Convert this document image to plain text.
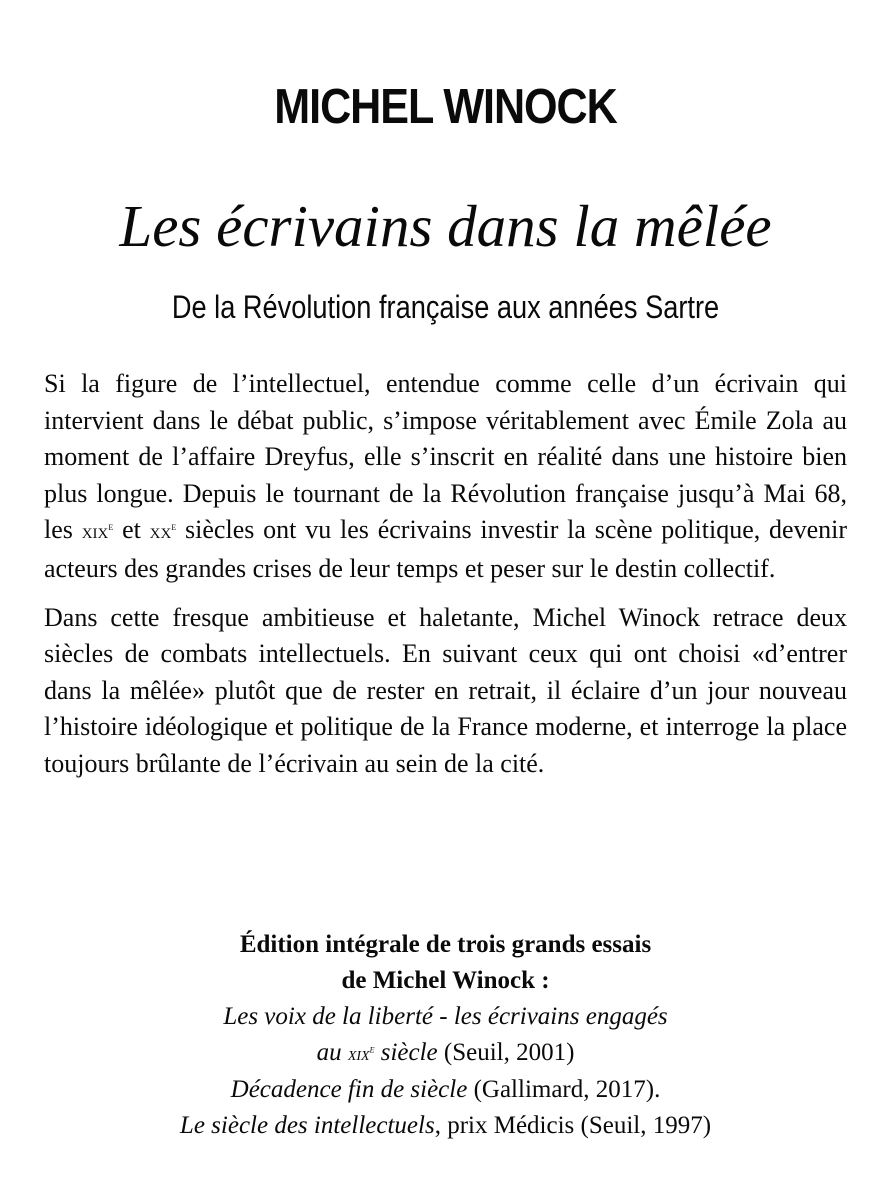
MICHEL WINOCK
Les écrivains dans la mêlée
De la Révolution française aux années Sartre

Si la figure de l’intellectuel, entendue comme celle d’un écrivain qui intervient dans le débat public, s’impose véritablement avec Émile Zola au moment de l’affaire Dreyfus, elle s’inscrit en réalité dans une histoire bien plus longue. Depuis le tournant de la Révolution française jusqu’à Mai 68, les xix$^e$ et $xx^e$ siècles ont vu les écrivains investir la scène politique, devenir acteurs des grandes crises de leur temps et peser sur le destin collectif.

Dans cette fresque ambitieuse et haletante, Michel Winock retrace deux siècles de combats intellectuels. En suivant ceux qui ont choisi «d’entrer dans la mêlée» plutôt que de rester en retrait, il éclaire d’un jour nouveau l’histoire idéologique et politique de la France moderne, et interroge la place toujours brûlante de l’écrivain au sein de la cité.

Édition intégrale de trois grands essais
de Michel Winock :
Les voix de la liberté - les écrivains engagés
au xix$^e$ siècle (Seuil, 2001)
Décadence fin de siècle (Gallimard, 2017).
Le siècle des intellectuels, prix Médicis (Seuil, 1997)
